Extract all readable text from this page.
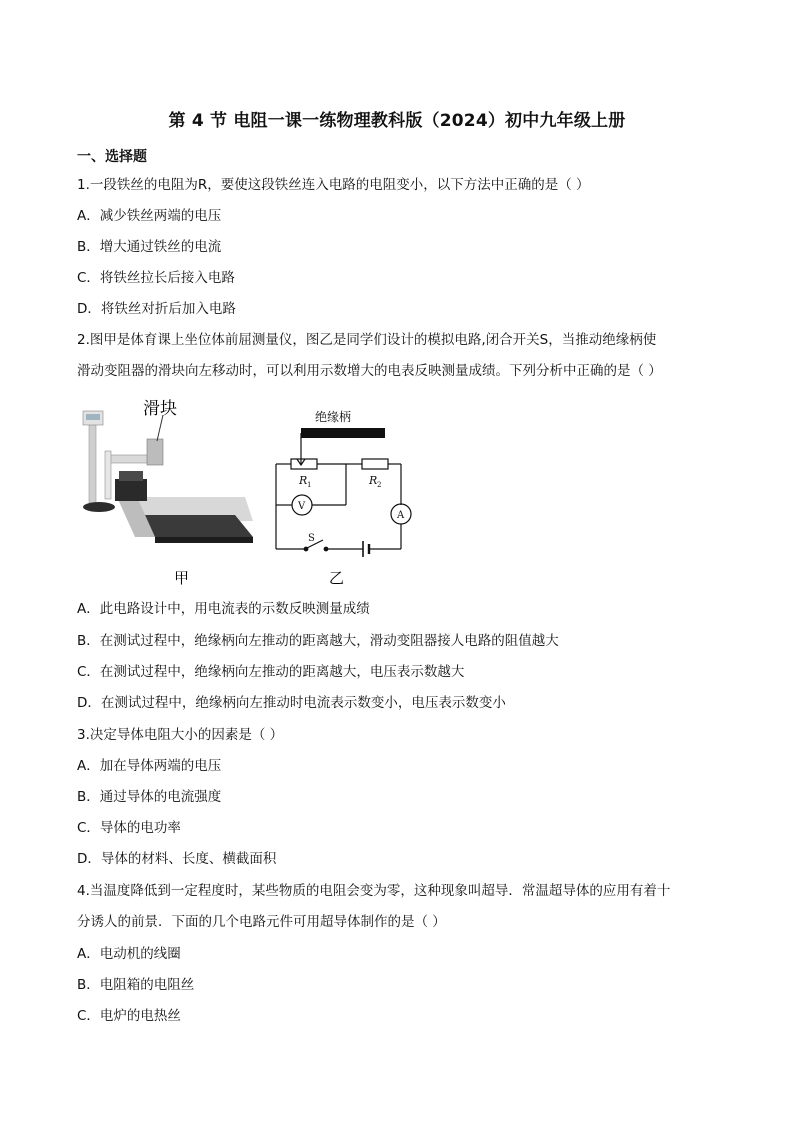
第 4 节 电阻一课一练物理教科版（2024）初中九年级上册
一、选择题
1.一段铁丝的电阻为R，要使这段铁丝连入电路的电阻变小，以下方法中正确的是（ ）
A．减少铁丝两端的电压
B．增大通过铁丝的电流
C．将铁丝拉长后接入电路
D．将铁丝对折后加入电路
2.图甲是体育课上坐位体前屈测量仪，图乙是同学们设计的模拟电路,闭合开关S，当推动绝缘柄使
滑动变阻器的滑块向左移动时，可以利用示数增大的电表反映测量成绩。下列分析中正确的是（ ）
滑块
甲
绝缘柄
R 1	R 2
V
A
S
乙
A．此电路设计中，用电流表的示数反映测量成绩
B．在测试过程中，绝缘柄向左推动的距离越大，滑动变阻器接人电路的阻值越大
C．在测试过程中，绝缘柄向左推动的距离越大，电压表示数越大
D．在测试过程中，绝缘柄向左推动时电流表示数变小，电压表示数变小
3.决定导体电阻大小的因素是（ ）
A．加在导体两端的电压
B．通过导体的电流强度
C．导体的电功率
D．导体的材料、长度、横截面积
4.当温度降低到一定程度时，某些物质的电阻会变为零，这种现象叫超导．常温超导体的应用有着十
分诱人的前景．下面的几个电路元件可用超导体制作的是（ ）
A．电动机的线圈
B．电阻箱的电阻丝
C．电炉的电热丝
